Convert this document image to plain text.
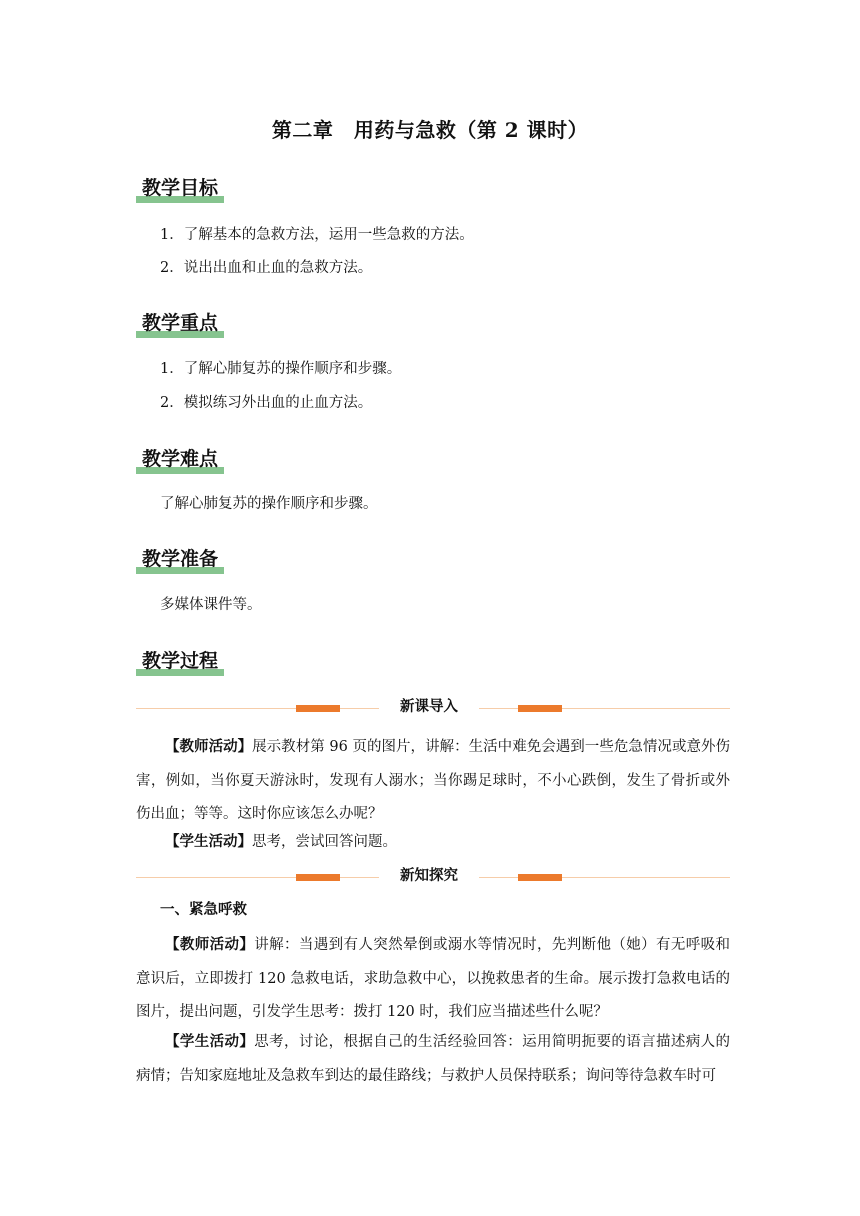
第二章　用药与急救（第 2 课时）
教学目标
1．了解基本的急救方法，运用一些急救的方法。
2．说出出血和止血的急救方法。
教学重点
1．了解心肺复苏的操作顺序和步骤。
2．模拟练习外出血的止血方法。
教学难点
了解心肺复苏的操作顺序和步骤。
教学准备
多媒体课件等。
教学过程
新课导入
【教师活动】展示教材第 96 页的图片，讲解：生活中难免会遇到一些危急情况或意外伤害，例如，当你夏天游泳时，发现有人溺水；当你踢足球时，不小心跌倒，发生了骨折或外伤出血；等等。这时你应该怎么办呢？
【学生活动】思考，尝试回答问题。
新知探究
一、紧急呼救
【教师活动】讲解：当遇到有人突然晕倒或溺水等情况时，先判断他（她）有无呼吸和意识后，立即拨打 120 急救电话，求助急救中心，以挽救患者的生命。展示拨打急救电话的图片，提出问题，引发学生思考：拨打 120 时，我们应当描述些什么呢？
【学生活动】思考，讨论，根据自己的生活经验回答：运用简明扼要的语言描述病人的病情；告知家庭地址及急救车到达的最佳路线；与救护人员保持联系；询问等待急救车时可
